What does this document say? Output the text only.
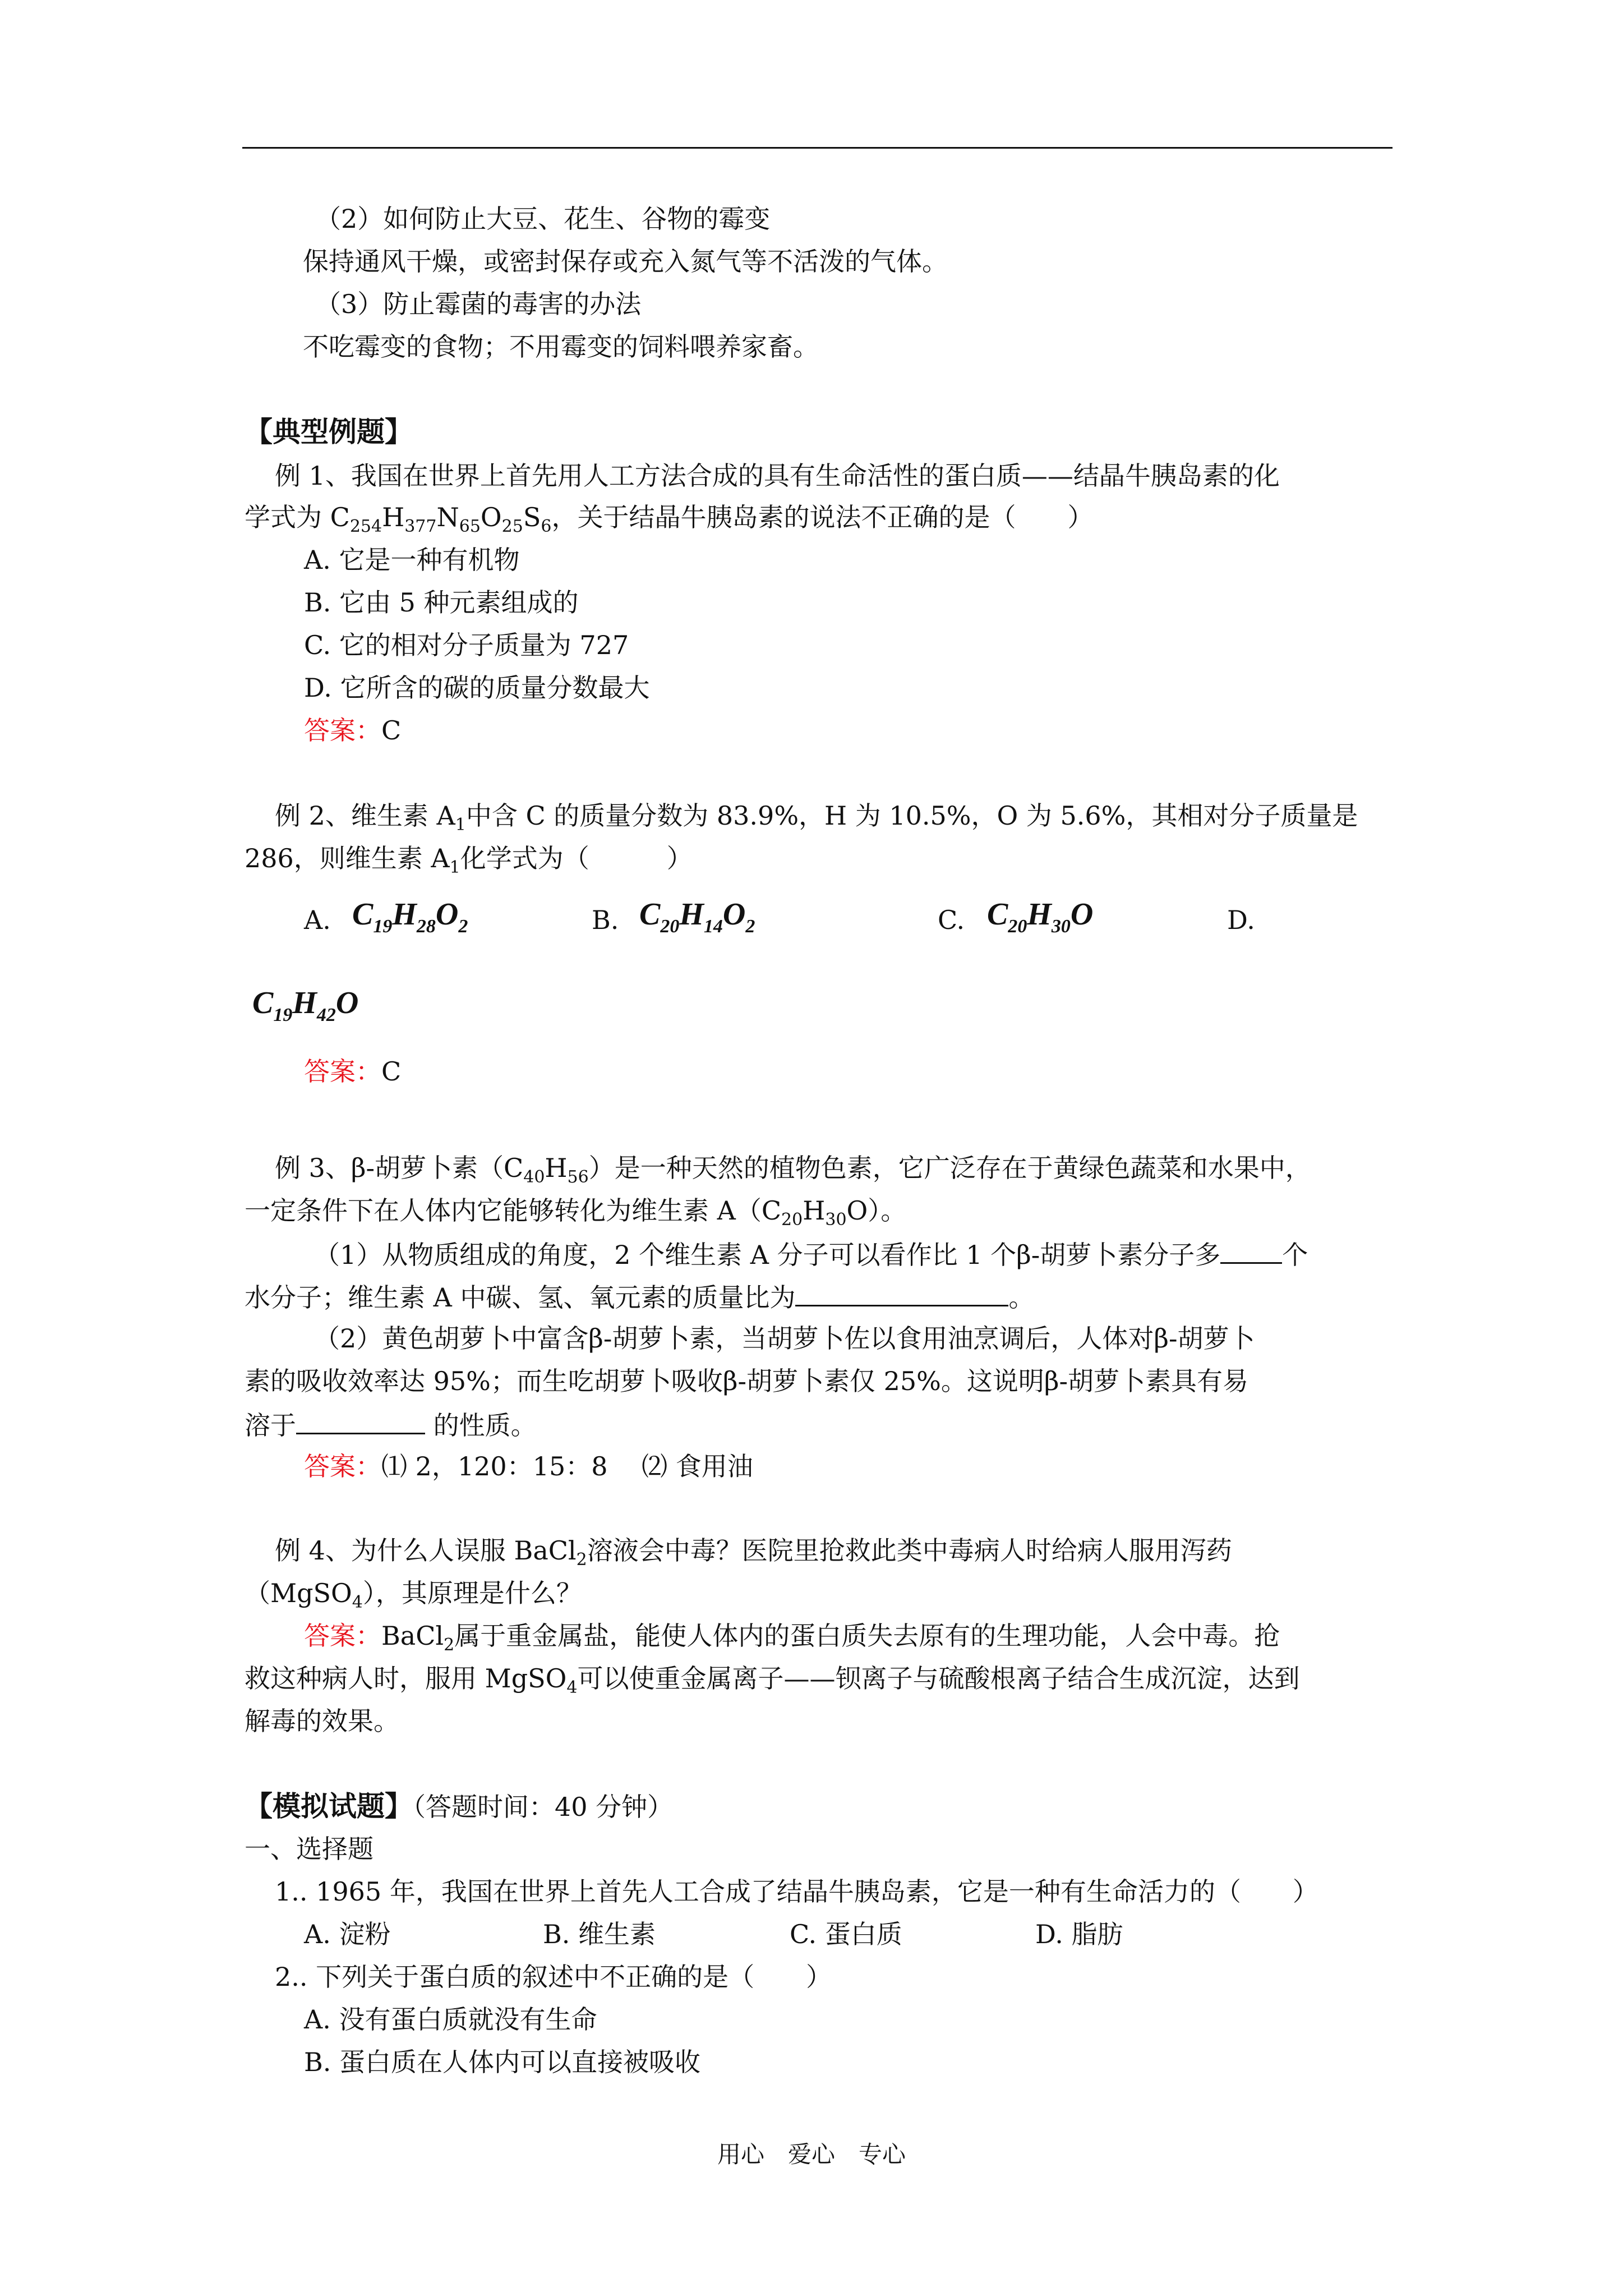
（2）如何防止大豆、花生、谷物的霉变
保持通风干燥，或密封保存或充入氮气等不活泼的气体。
（3）防止霉菌的毒害的办法
不吃霉变的食物；不用霉变的饲料喂养家畜。
【典型例题】
例 1、我国在世界上首先用人工方法合成的具有生命活性的蛋白质——结晶牛胰岛素的化
学式为 $C_{254}H_{377}N_{65}O_{25}S_6$，关于结晶牛胰岛素的说法不正确的是（　　）
A. 它是一种有机物
B. 它由 5 种元素组成的
C. 它的相对分子质量为 727
D. 它所含的碳的质量分数最大
答案：C
例 2、维生素 $A_1$中含 C 的质量分数为 83.9%，H 为 10.5%，O 为 5.6%，其相对分子质量是
286，则维生素 $A_1$化学式为（　　　）
A. $C_{19}H_{28}O_2$	B. $C_{20}H_{14}O_2$	C. $C_{20}H_{30}O$	D.
$C_{19}H_{42}O$
答案：C
例 3、β-胡萝卜素$(C_{40}H_{56})$是一种天然的植物色素，它广泛存在于黄绿色蔬菜和水果中，
一定条件下在人体内它能够转化为维生素 $A(C_{20}H_{30}O)$。
（1）从物质组成的角度，2 个维生素 A 分子可以看作比 1 个β-胡萝卜素分子多 个
水分子；维生素 A 中碳、氢、氧元素的质量比为	。
（2）黄色胡萝卜中富含β-胡萝卜素，当胡萝卜佐以食用油烹调后，人体对β-胡萝卜
素的吸收效率达 95%；而生吃胡萝卜吸收β-胡萝卜素仅 25%。这说明β-胡萝卜素具有易
溶于	的性质。
答案：⑴ 2，120：15：8　 ⑵ 食用油
例 4、为什么人误服 BaCl$_2$溶液会中毒？医院里抢救此类中毒病人时给病人服用泻药
（MgSO$_4$），其原理是什么？
答案：BaCl$_2$属于重金属盐，能使人体内的蛋白质失去原有的生理功能，人会中毒。抢
救这种病人时，服用 MgSO$_4$可以使重金属离子——钡离子与硫酸根离子结合生成沉淀，达到
解毒的效果。
【模拟试题】（答题时间：40 分钟）
一、选择题
1.. 1965 年，我国在世界上首先人工合成了结晶牛胰岛素，它是一种有生命活力的（　　）
A. 淀粉	B. 维生素	C. 蛋白质	D. 脂肪
2.. 下列关于蛋白质的叙述中不正确的是（　　）
A. 没有蛋白质就没有生命
B. 蛋白质在人体内可以直接被吸收
用心　爱心　专心
